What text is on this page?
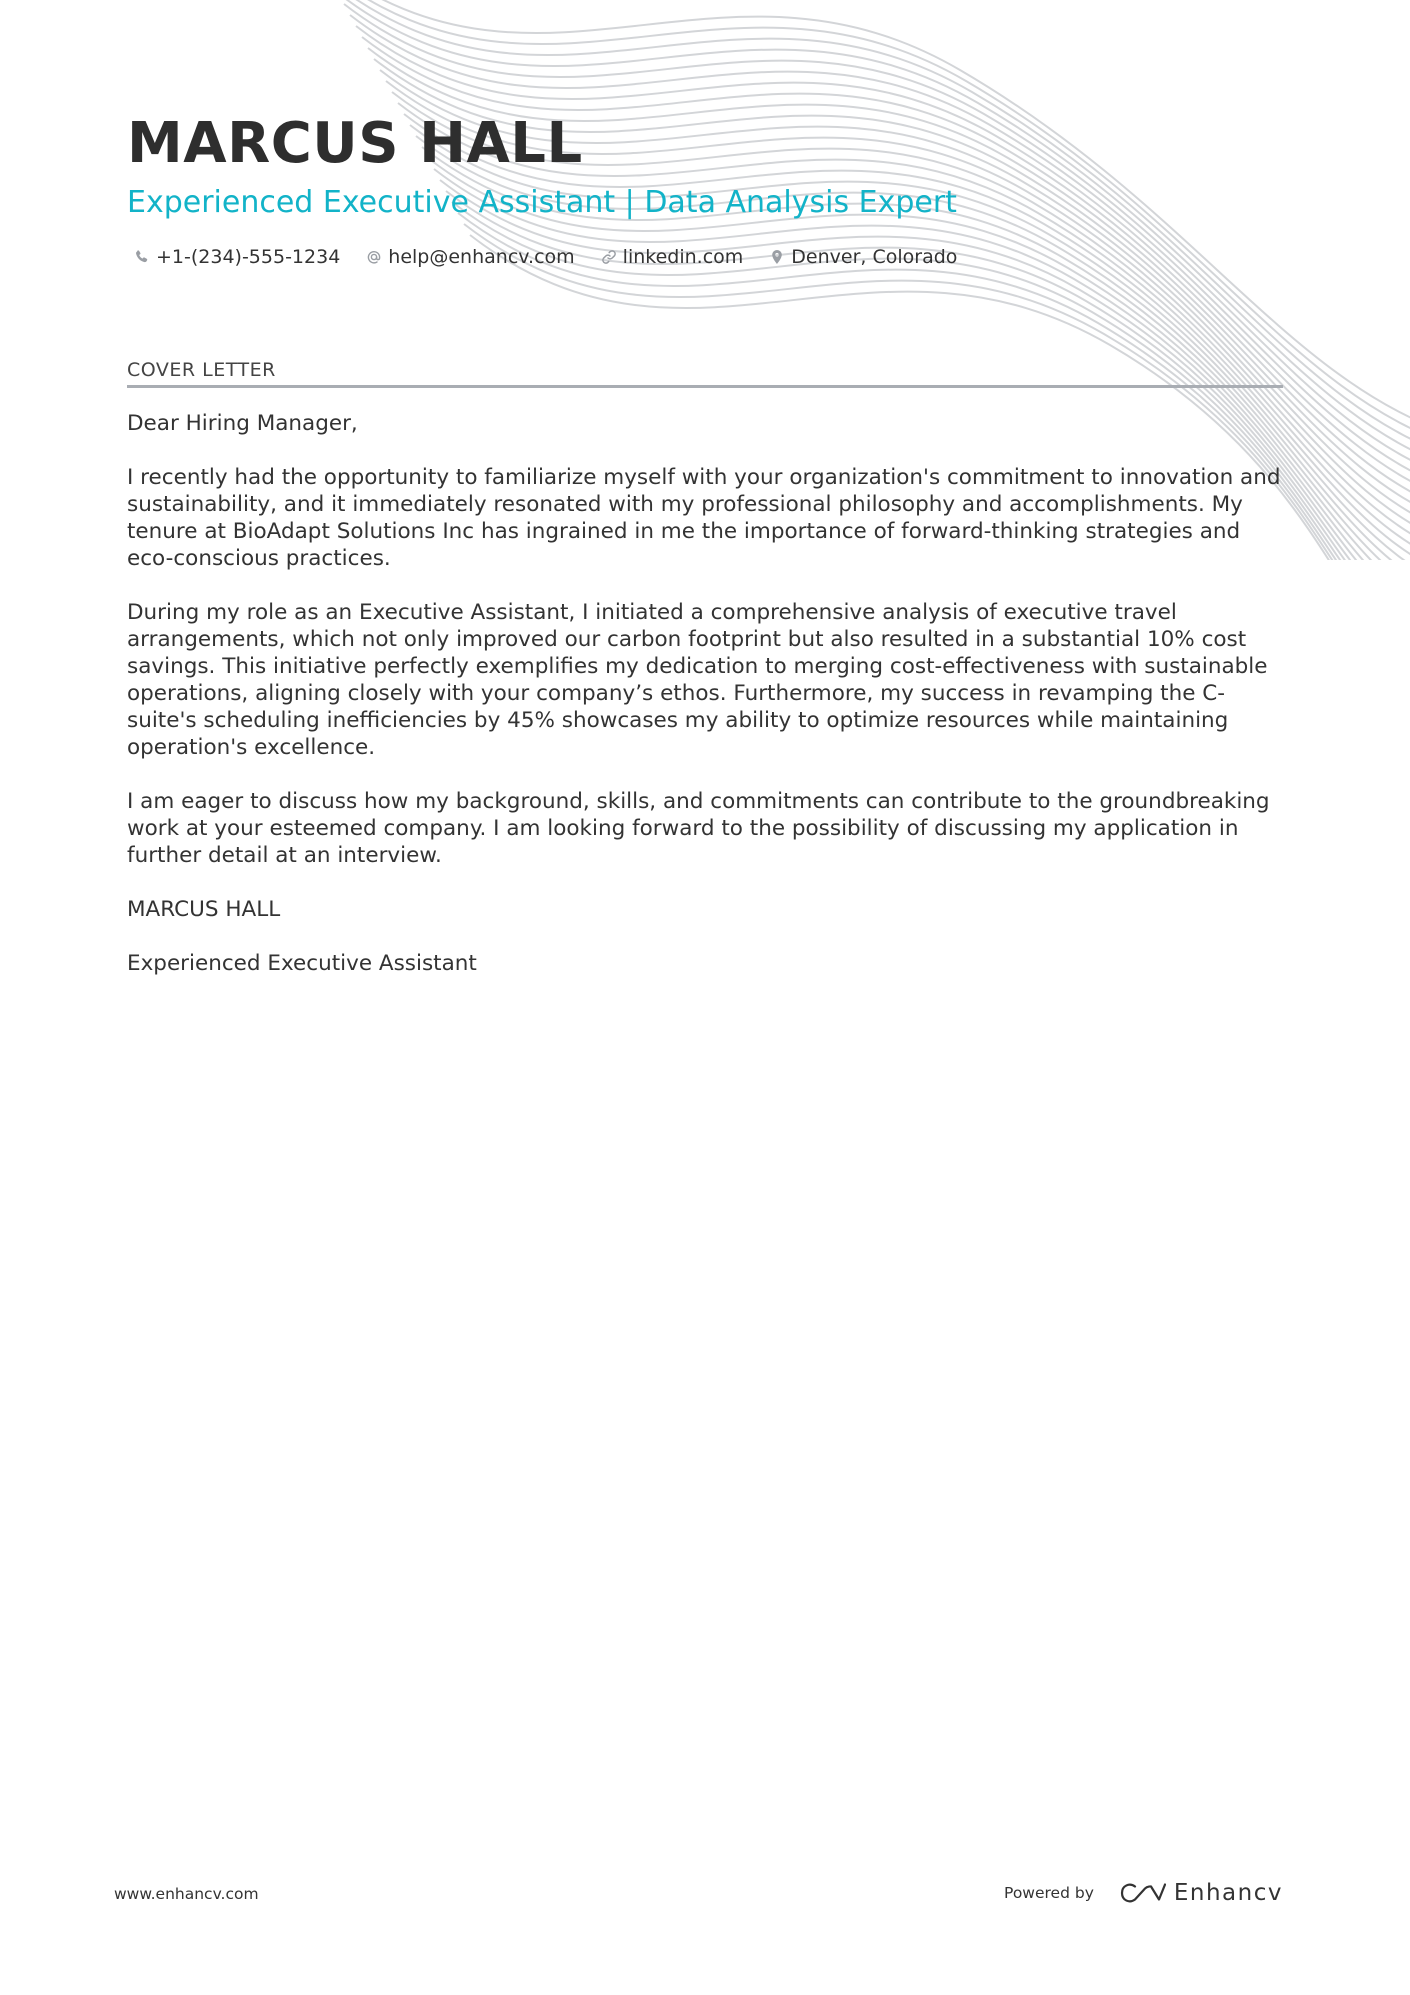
MARCUS HALL
Experienced Executive Assistant | Data Analysis Expert
+1-(234)-555-1234	help@enhancv.com	linkedin.com	Denver, Colorado
COVER LETTER

Dear Hiring Manager,

I recently had the opportunity to familiarize myself with your organization's commitment to innovation and sustainability, and it immediately resonated with my professional philosophy and accomplishments. My tenure at BioAdapt Solutions Inc has ingrained in me the importance of forward-thinking strategies and eco-conscious practices.

During my role as an Executive Assistant, I initiated a comprehensive analysis of executive travel arrangements, which not only improved our carbon footprint but also resulted in a substantial 10% cost savings. This initiative perfectly exemplifies my dedication to merging cost-effectiveness with sustainable operations, aligning closely with your company’s ethos. Furthermore, my success in revamping the C-suite's scheduling inefficiencies by 45% showcases my ability to optimize resources while maintaining operation's excellence.

I am eager to discuss how my background, skills, and commitments can contribute to the groundbreaking work at your esteemed company. I am looking forward to the possibility of discussing my application in further detail at an interview.

MARCUS HALL

Experienced Executive Assistant

www.enhancv.com	Powered by	Enhancv
